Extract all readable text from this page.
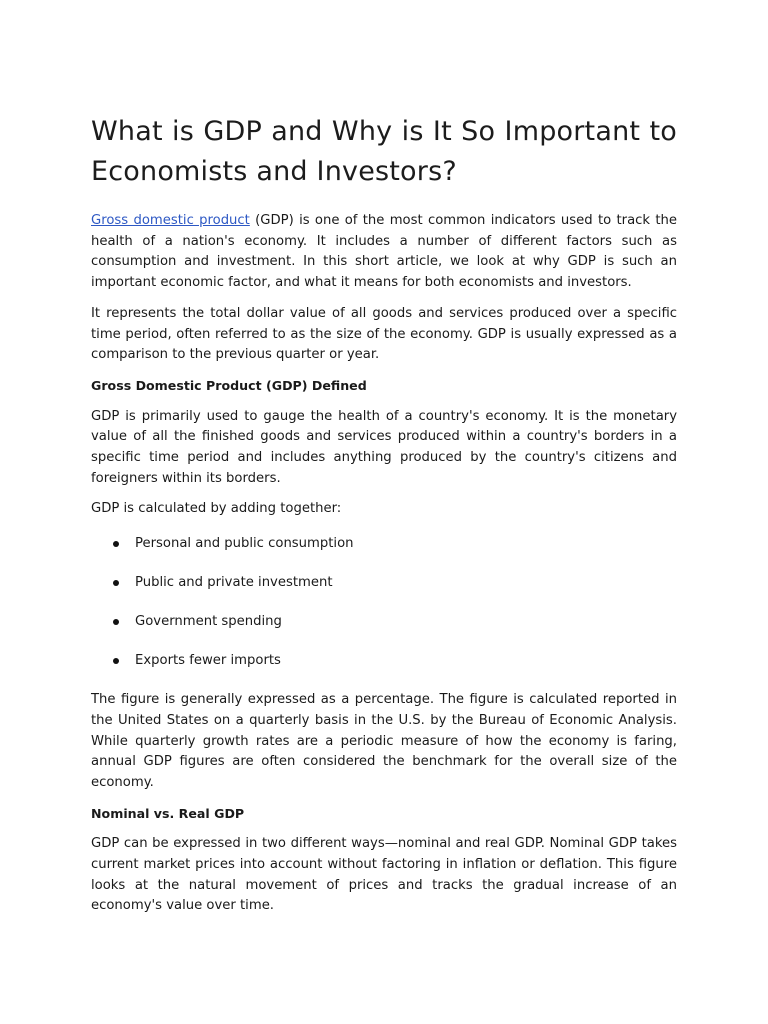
What is GDP and Why is It So Important to Economists and Investors?

Gross domestic product (GDP) is one of the most common indicators used to track the health of a nation's economy. It includes a number of different factors such as consumption and investment. In this short article, we look at why GDP is such an important economic factor, and what it means for both economists and investors.

It represents the total dollar value of all goods and services produced over a specific time period, often referred to as the size of the economy. GDP is usually expressed as a comparison to the previous quarter or year.

Gross Domestic Product (GDP) Defined

GDP is primarily used to gauge the health of a country's economy. It is the monetary value of all the finished goods and services produced within a country's borders in a specific time period and includes anything produced by the country's citizens and foreigners within its borders.

GDP is calculated by adding together:

Personal and public consumption
Public and private investment
Government spending
Exports fewer imports

The figure is generally expressed as a percentage. The figure is calculated reported in the United States on a quarterly basis in the U.S. by the Bureau of Economic Analysis. While quarterly growth rates are a periodic measure of how the economy is faring, annual GDP figures are often considered the benchmark for the overall size of the economy.

Nominal vs. Real GDP

GDP can be expressed in two different ways—nominal and real GDP. Nominal GDP takes current market prices into account without factoring in inflation or deflation. This figure looks at the natural movement of prices and tracks the gradual increase of an economy's value over time.
